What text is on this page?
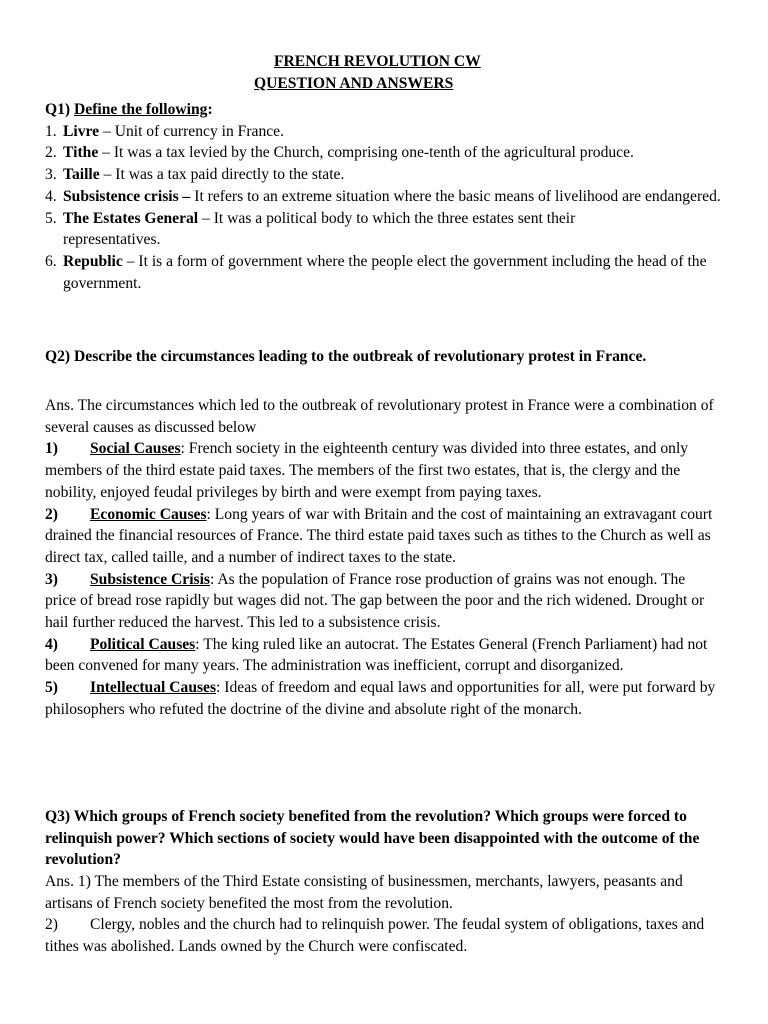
FRENCH REVOLUTION CW
QUESTION AND ANSWERS
Q1) Define the following:
1. Livre – Unit of currency in France.
2. Tithe – It was a tax levied by the Church, comprising one-tenth of the agricultural produce.
3. Taille – It was a tax paid directly to the state.
4. Subsistence crisis – It refers to an extreme situation where the basic means of livelihood are endangered.
5. The Estates General – It was a political body to which the three estates sent their representatives.
6. Republic – It is a form of government where the people elect the government including the head of the government.
Q2) Describe the circumstances leading to the outbreak of revolutionary protest in France.
Ans. The circumstances which led to the outbreak of revolutionary protest in France were a combination of several causes as discussed below
1) Social Causes: French society in the eighteenth century was divided into three estates, and only members of the third estate paid taxes. The members of the first two estates, that is, the clergy and the nobility, enjoyed feudal privileges by birth and were exempt from paying taxes.
2) Economic Causes: Long years of war with Britain and the cost of maintaining an extravagant court drained the financial resources of France. The third estate paid taxes such as tithes to the Church as well as direct tax, called taille, and a number of indirect taxes to the state.
3) Subsistence Crisis: As the population of France rose production of grains was not enough. The price of bread rose rapidly but wages did not. The gap between the poor and the rich widened. Drought or hail further reduced the harvest. This led to a subsistence crisis.
4) Political Causes: The king ruled like an autocrat. The Estates General (French Parliament) had not been convened for many years. The administration was inefficient, corrupt and disorganized.
5) Intellectual Causes: Ideas of freedom and equal laws and opportunities for all, were put forward by philosophers who refuted the doctrine of the divine and absolute right of the monarch.
Q3) Which groups of French society benefited from the revolution? Which groups were forced to relinquish power? Which sections of society would have been disappointed with the outcome of the revolution?
Ans. 1) The members of the Third Estate consisting of businessmen, merchants, lawyers, peasants and artisans of French society benefited the most from the revolution.
2) Clergy, nobles and the church had to relinquish power. The feudal system of obligations, taxes and tithes was abolished. Lands owned by the Church were confiscated.
